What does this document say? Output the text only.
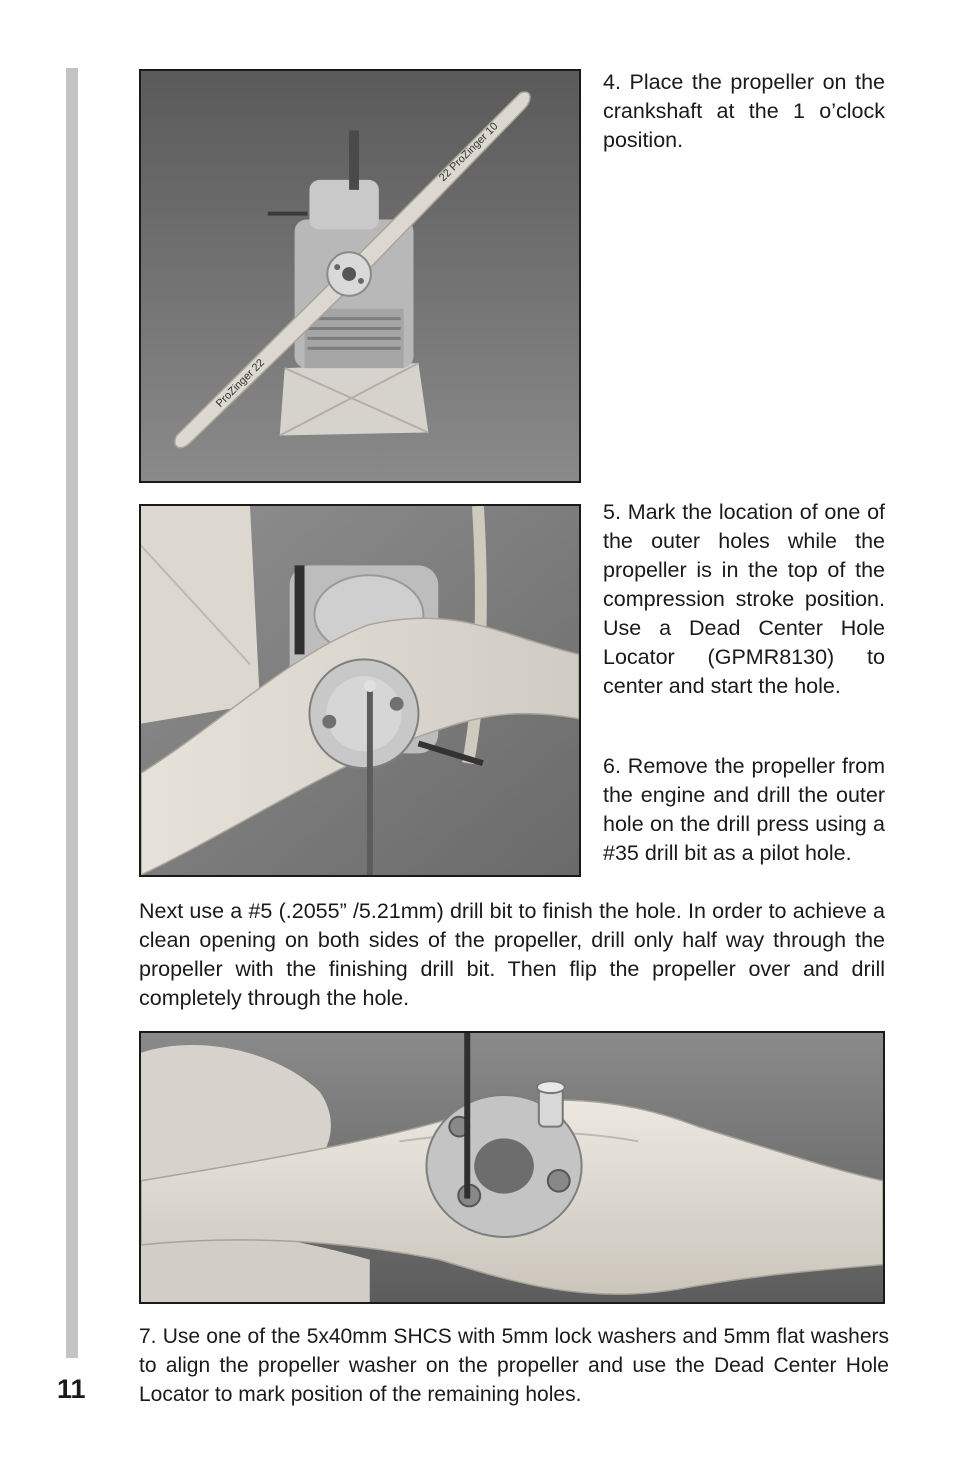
11
22 ProZinger 10
ProZinger 22

4. Place the propeller on the crankshaft at the 1 o’clock position.

5. Mark the location of one of the outer holes while the propeller is in the top of the compression stroke position. Use a Dead Center Hole Locator (GPMR8130) to center and start the hole.

6. Remove the propeller from the engine and drill the outer hole on the drill press using a #35 drill bit as a pilot hole.

Next use a #5 (.2055” /5.21mm) drill bit to finish the hole. In order to achieve a clean opening on both sides of the propeller, drill only half way through the propeller with the finishing drill bit. Then flip the propeller over and drill completely through the hole.

7. Use one of the 5x40mm SHCS with 5mm lock washers and 5mm flat washers to align the propeller washer on the propeller and use the Dead Center Hole Locator to mark position of the remaining holes.
